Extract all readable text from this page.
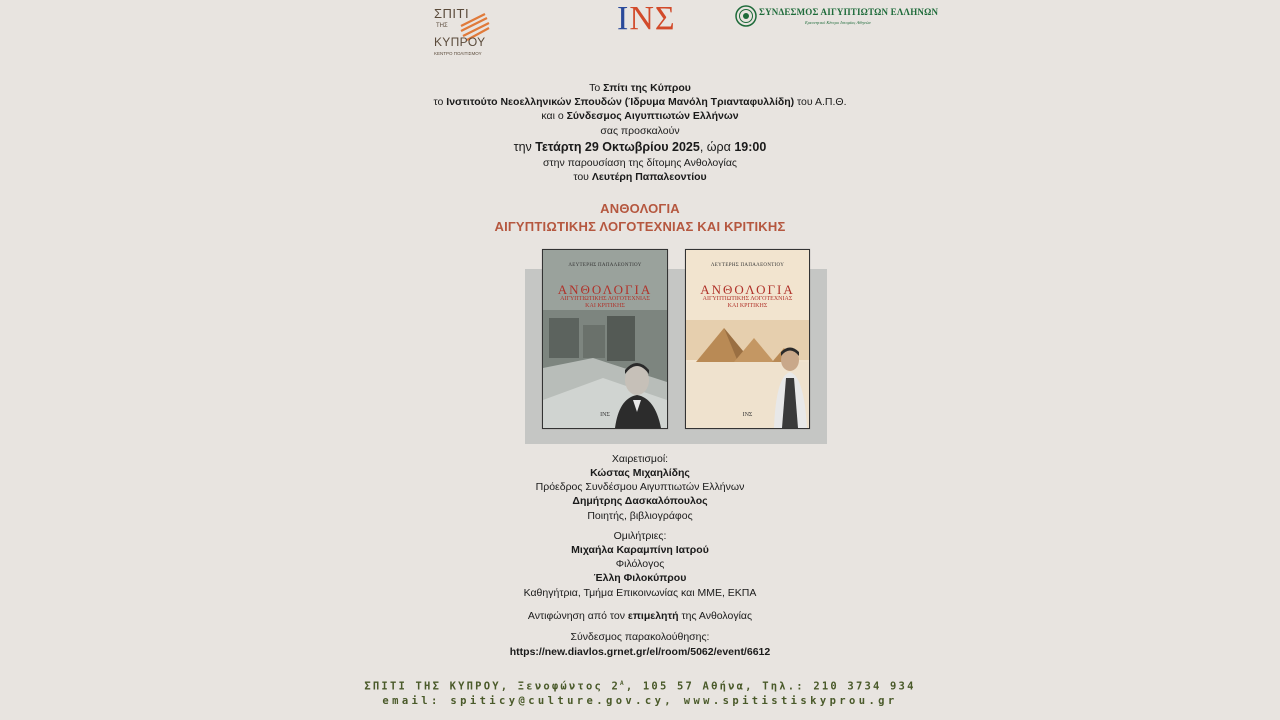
ΣΠΙΤΙ
ΤΗΣ
ΚΥΠΡΟΥ
ΚΕΝΤΡΟ ΠΟΛΙΤΙΣΜΟΥ
ΙΝΣ	ΣΥΝΔΕΣΜΟΣ ΑΙΓΥΠΤΙΩΤΩΝ ΕΛΛΗΝΩΝ
Ερευνητικό Κέντρο Ιστορίας Αθηνών
Το Σπίτι της Κύπρου
το Ινστιτούτο Νεοελληνικών Σπουδών (Ίδρυμα Μανόλη Τριανταφυλλίδη) του Α.Π.Θ.
και ο Σύνδεσμος Αιγυπτιωτών Ελλήνων
σας προσκαλούν
την Τετάρτη 29 Οκτωβρίου 2025, ώρα 19:00
στην παρουσίαση της δίτομης Ανθολογίας
του Λευτέρη Παπαλεοντίου
ΑΝΘΟΛΟΓΙΑ
ΑΙΓΥΠΤΙΩΤΙΚΗΣ ΛΟΓΟΤΕΧΝΙΑΣ ΚΑΙ ΚΡΙΤΙΚΗΣ
ΛΕΥΤΕΡΗΣ ΠΑΠΑΛΕΟΝΤΙΟΥ
ΑΝΘΟΛΟΓΙΑ
ΑΙΓΥΠΤΙΩΤΙΚΗΣ ΛΟΓΟΤΕΧΝΙΑΣ
ΚΑΙ ΚΡΙΤΙΚΗΣ
ΙΝΣ
ΛΕΥΤΕΡΗΣ ΠΑΠΑΛΕΟΝΤΙΟΥ
ΑΝΘΟΛΟΓΙΑ
ΑΙΓΥΠΤΙΩΤΙΚΗΣ ΛΟΓΟΤΕΧΝΙΑΣ
ΚΑΙ ΚΡΙΤΙΚΗΣ
ΙΝΣ
Χαιρετισμοί:
Κώστας Μιχαηλίδης
Πρόεδρος Συνδέσμου Αιγυπτιωτών Ελλήνων
Δημήτρης Δασκαλόπουλος
Ποιητής, βιβλιογράφος
Ομιλήτριες:
Μιχαήλα Καραμπίνη Ιατρού
Φιλόλογος
Έλλη Φιλοκύπρου
Καθηγήτρια, Τμήμα Επικοινωνίας και ΜΜΕ, ΕΚΠΑ
Αντιφώνηση από τον επιμελητή της Ανθολογίας
Σύνδεσμος παρακολούθησης:
https://new.diavlos.grnet.gr/el/room/5062/event/6612
ΣΠΙΤΙ ΤΗΣ ΚΥΠΡΟΥ, Ξενοφώντος $2^A$, 105 57 Αθήνα, Τηλ.: 210 3734 934
email: spiticy@culture.gov.cy, www.spitistiskyprou.gr
